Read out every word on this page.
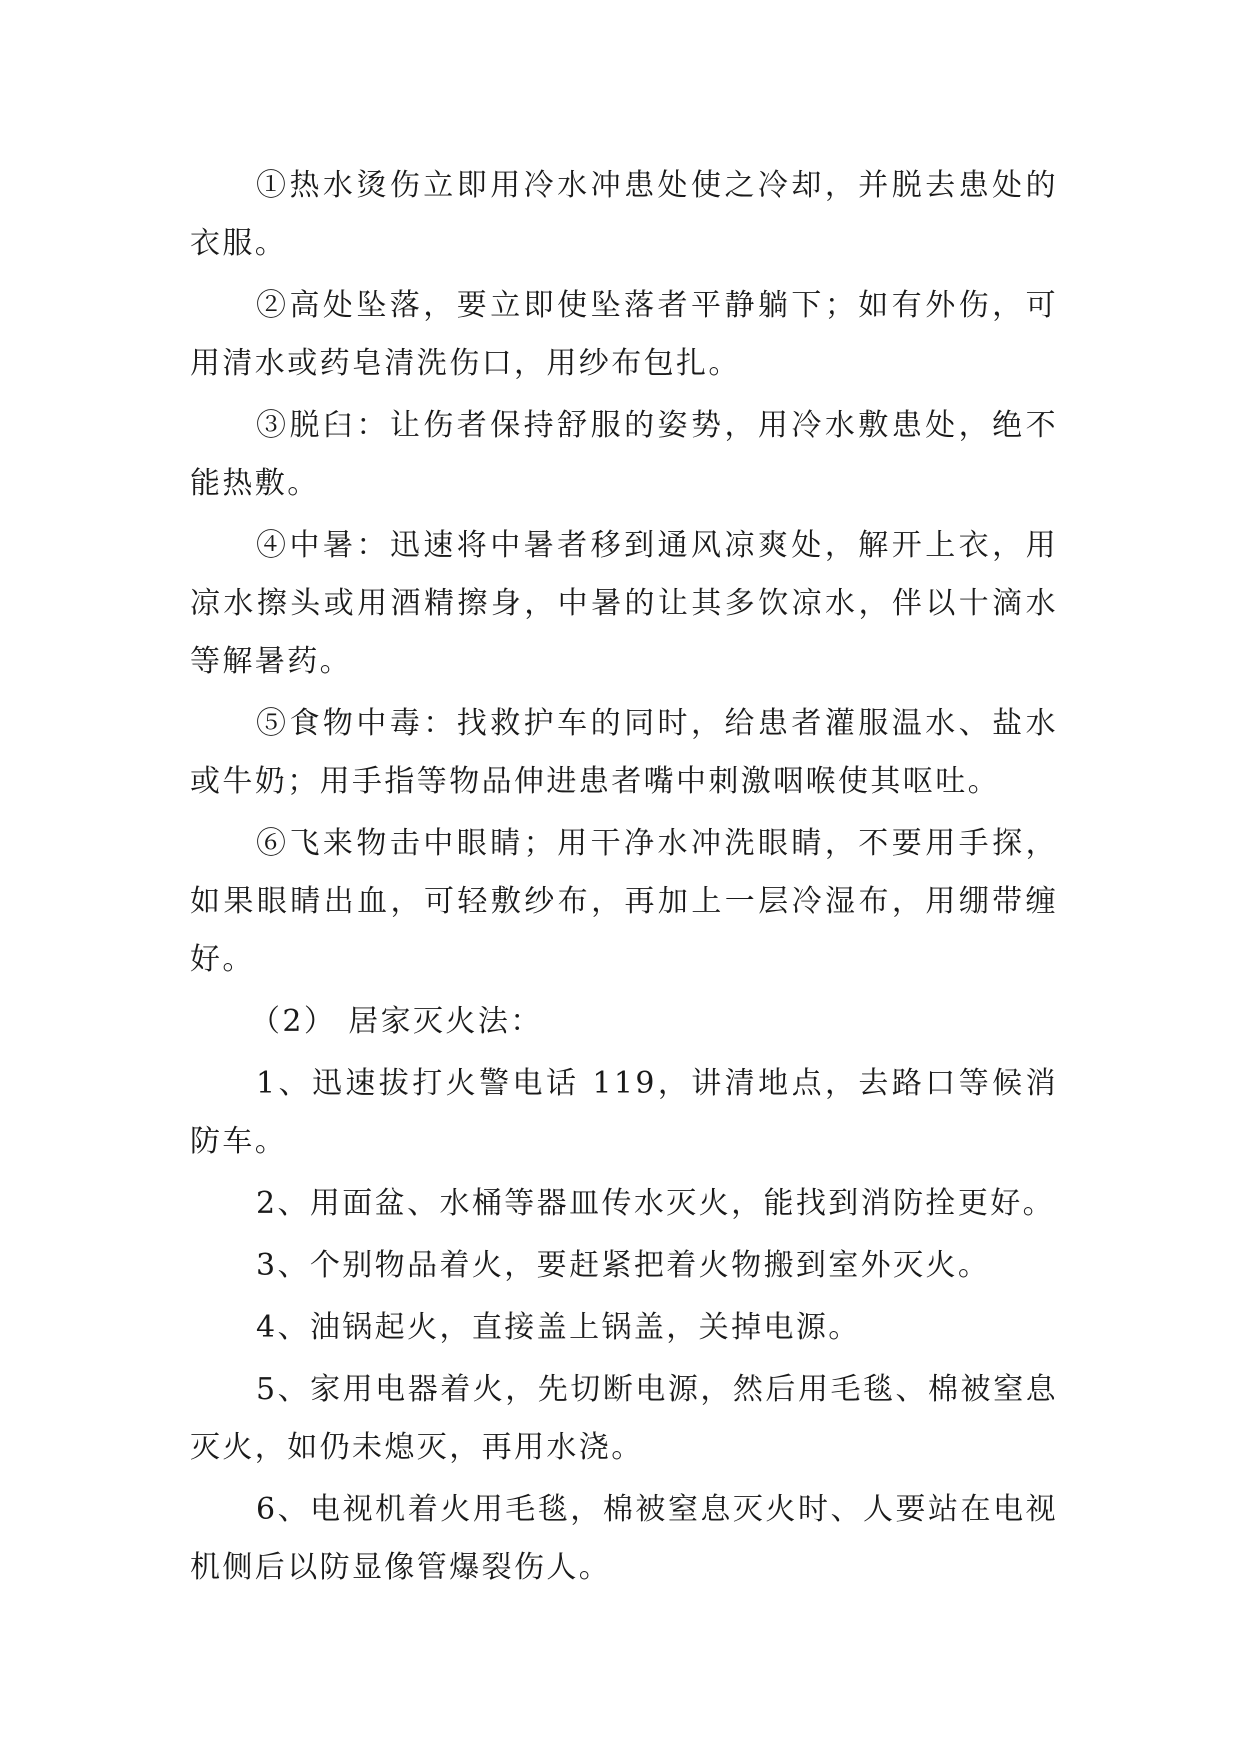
①热水烫伤立即用冷水冲患处使之冷却，并脱去患处的衣服。

②高处坠落，要立即使坠落者平静躺下；如有外伤，可用清水或药皂清洗伤口，用纱布包扎。

③脱臼：让伤者保持舒服的姿势，用冷水敷患处，绝不能热敷。

④中暑：迅速将中暑者移到通风凉爽处，解开上衣，用凉水擦头或用酒精擦身，中暑的让其多饮凉水，伴以十滴水等解暑药。

⑤食物中毒：找救护车的同时，给患者灌服温水、盐水或牛奶；用手指等物品伸进患者嘴中刺激咽喉使其呕吐。

⑥飞来物击中眼睛；用干净水冲洗眼睛，不要用手探，如果眼睛出血，可轻敷纱布，再加上一层冷湿布，用绷带缠好。

（2） 居家灭火法：

1、迅速拔打火警电话 119，讲清地点，去路口等候消防车。

2、用面盆、水桶等器皿传水灭火，能找到消防拴更好。

3、个别物品着火，要赶紧把着火物搬到室外灭火。

4、油锅起火，直接盖上锅盖，关掉电源。

5、家用电器着火，先切断电源，然后用毛毯、棉被窒息灭火，如仍未熄灭，再用水浇。

6、电视机着火用毛毯，棉被窒息灭火时、人要站在电视机侧后以防显像管爆裂伤人。
